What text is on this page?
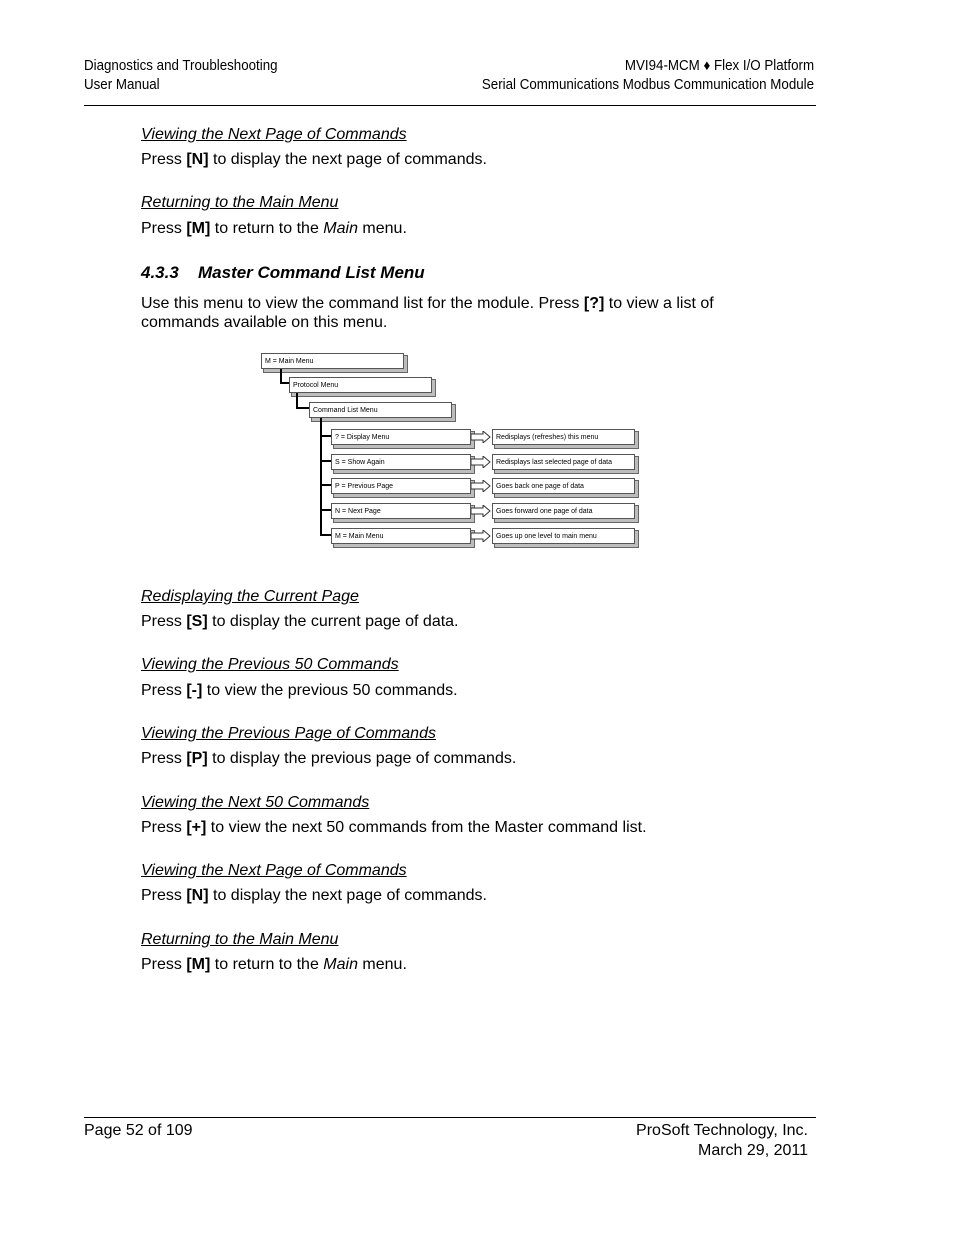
Diagnostics and Troubleshooting
User Manual
MVI94-MCM ♦ Flex I/O Platform
Serial Communications Modbus Communication Module
Viewing the Next Page of Commands
Press [N] to display the next page of commands.
Returning to the Main Menu
Press [M] to return to the Main menu.
4.3.3 Master Command List Menu
Use this menu to view the command list for the module. Press [?] to view a list of
commands available on this menu.
M = Main Menu
Protocol Menu
Command List Menu
? = Display Menu	Redisplays (refreshes) this menu
S = Show Again	Redisplays last selected page of data
P = Previous Page	Goes back one page of data
N = Next Page	Goes forward one page of data
M = Main Menu	Goes up one level to main menu
Redisplaying the Current Page
Press [S] to display the current page of data.
Viewing the Previous 50 Commands
Press [-] to view the previous 50 commands.
Viewing the Previous Page of Commands
Press [P] to display the previous page of commands.
Viewing the Next 50 Commands
Press [+] to view the next 50 commands from the Master command list.
Viewing the Next Page of Commands
Press [N] to display the next page of commands.
Returning to the Main Menu
Press [M] to return to the Main menu.
Page 52 of 109	ProSoft Technology, Inc.
March 29, 2011
